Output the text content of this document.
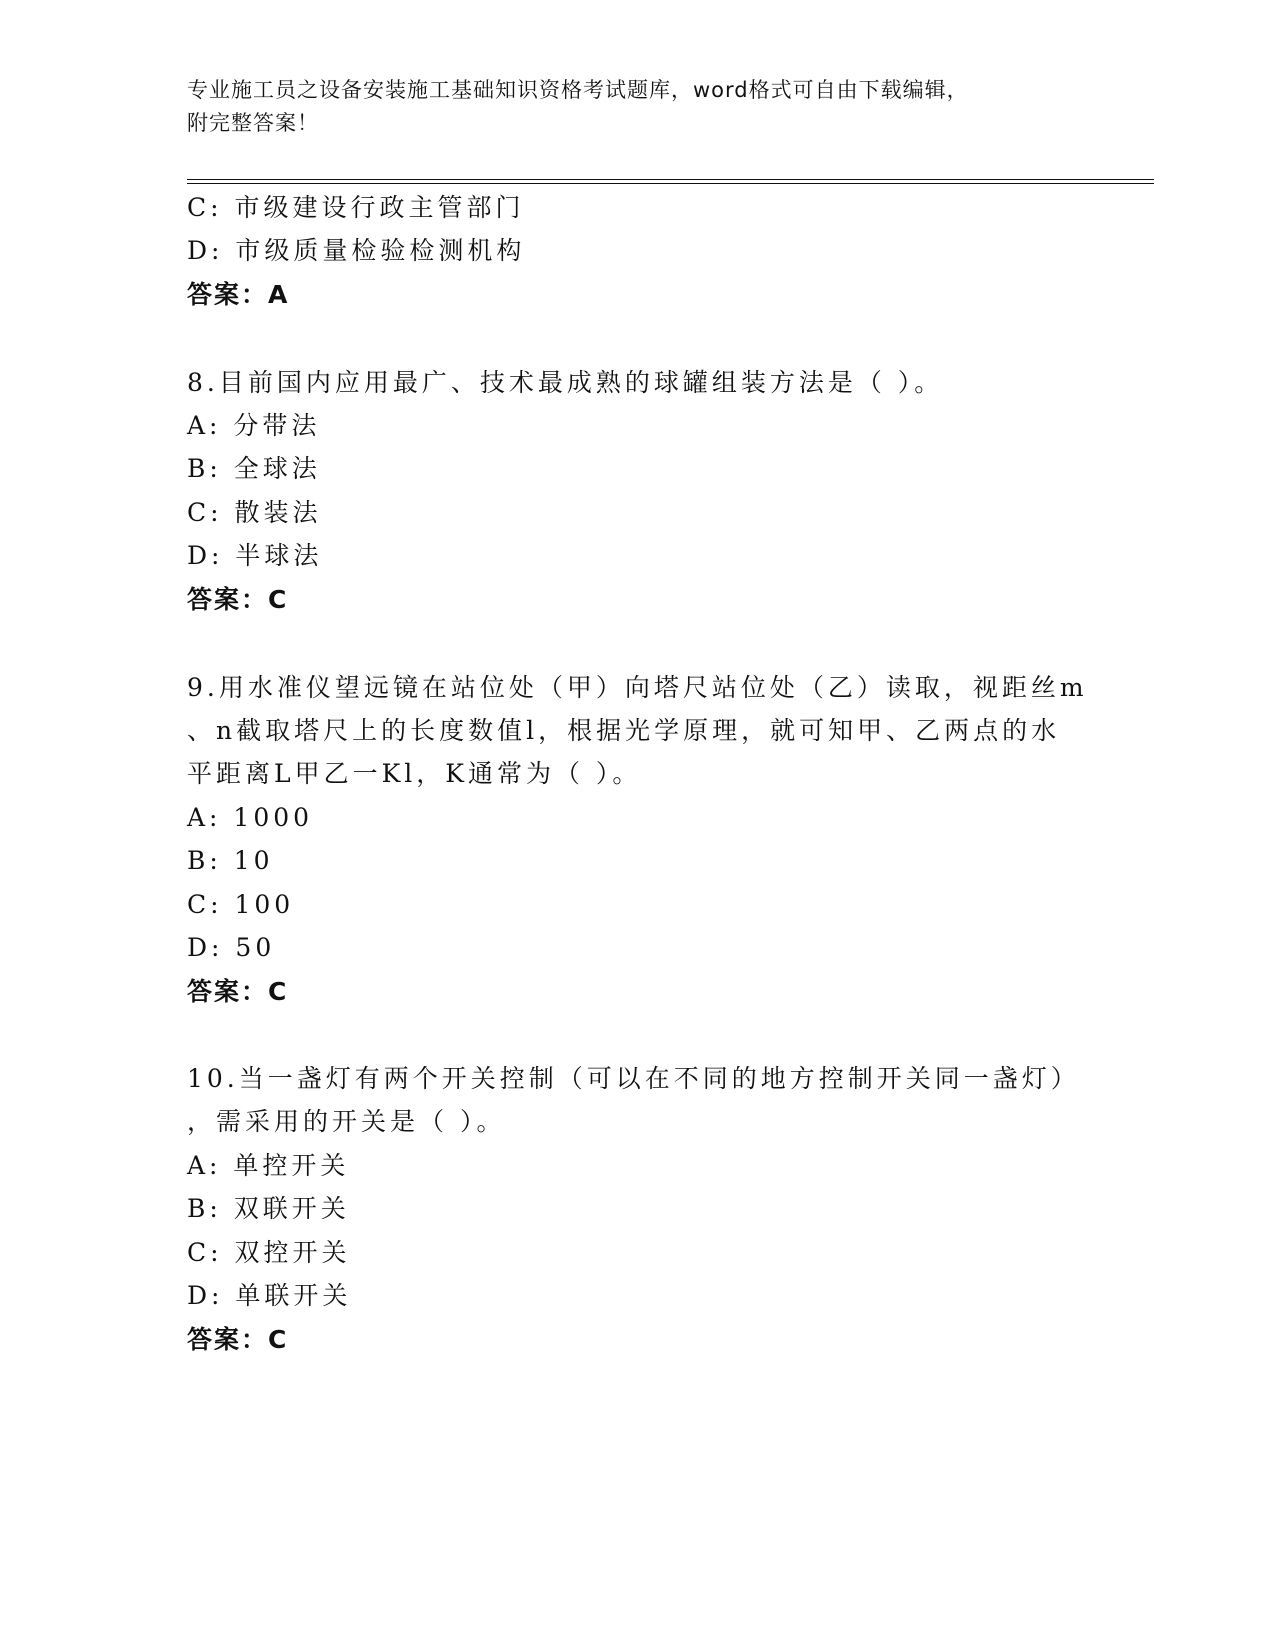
专业施工员之设备安装施工基础知识资格考试题库，word格式可自由下载编辑，
附完整答案！
C: 市级建设行政主管部门
D: 市级质量检验检测机构
答案：A
8.目前国内应用最广、技术最成熟的球罐组装方法是（ ）。
A: 分带法
B: 全球法
C: 散装法
D: 半球法
答案：C
9.用水准仪望远镜在站位处（甲）向塔尺站位处（乙）读取，视距丝m
、n截取塔尺上的长度数值l，根据光学原理，就可知甲、乙两点的水
平距离L甲乙一Kl，K通常为（ ）。
A: 1000
B: 10
C: 100
D: 50
答案：C
10.当一盏灯有两个开关控制（可以在不同的地方控制开关同一盏灯）
，需采用的开关是（ ）。
A: 单控开关
B: 双联开关
C: 双控开关
D: 单联开关
答案：C
